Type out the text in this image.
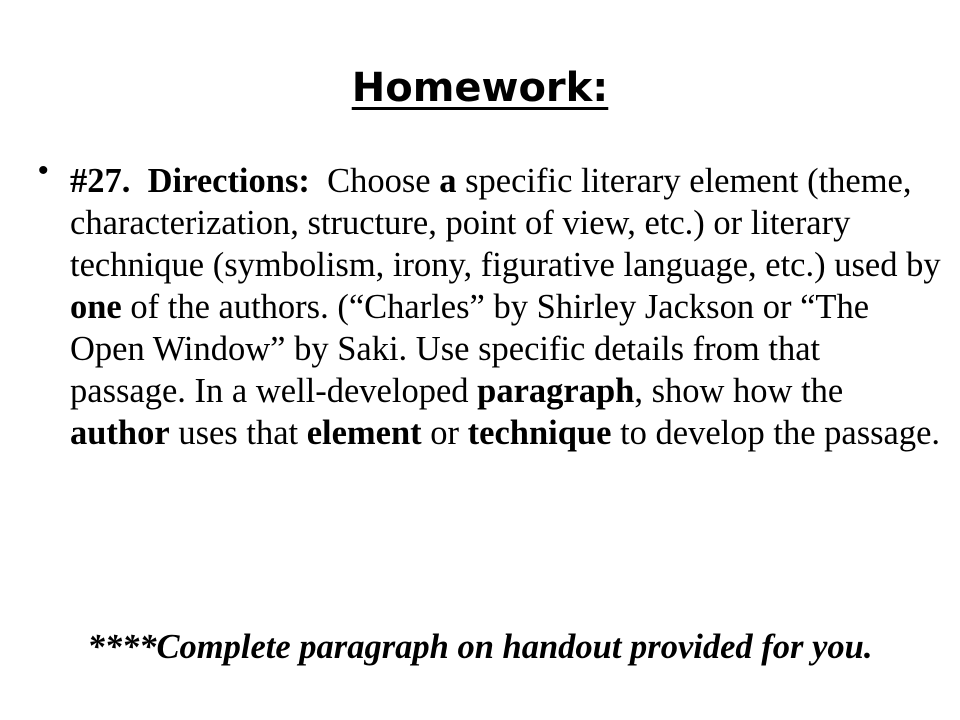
Homework:
• #27. Directions: Choose a specific literary element (theme, characterization, structure, point of view, etc.) or literary technique (symbolism, irony, figurative language, etc.) used by one of the authors. (“Charles” by Shirley Jackson or “The Open Window” by Saki. Use specific details from that passage. In a well-developed paragraph, show how the author uses that element or technique to develop the passage.
****Complete paragraph on handout provided for you.
